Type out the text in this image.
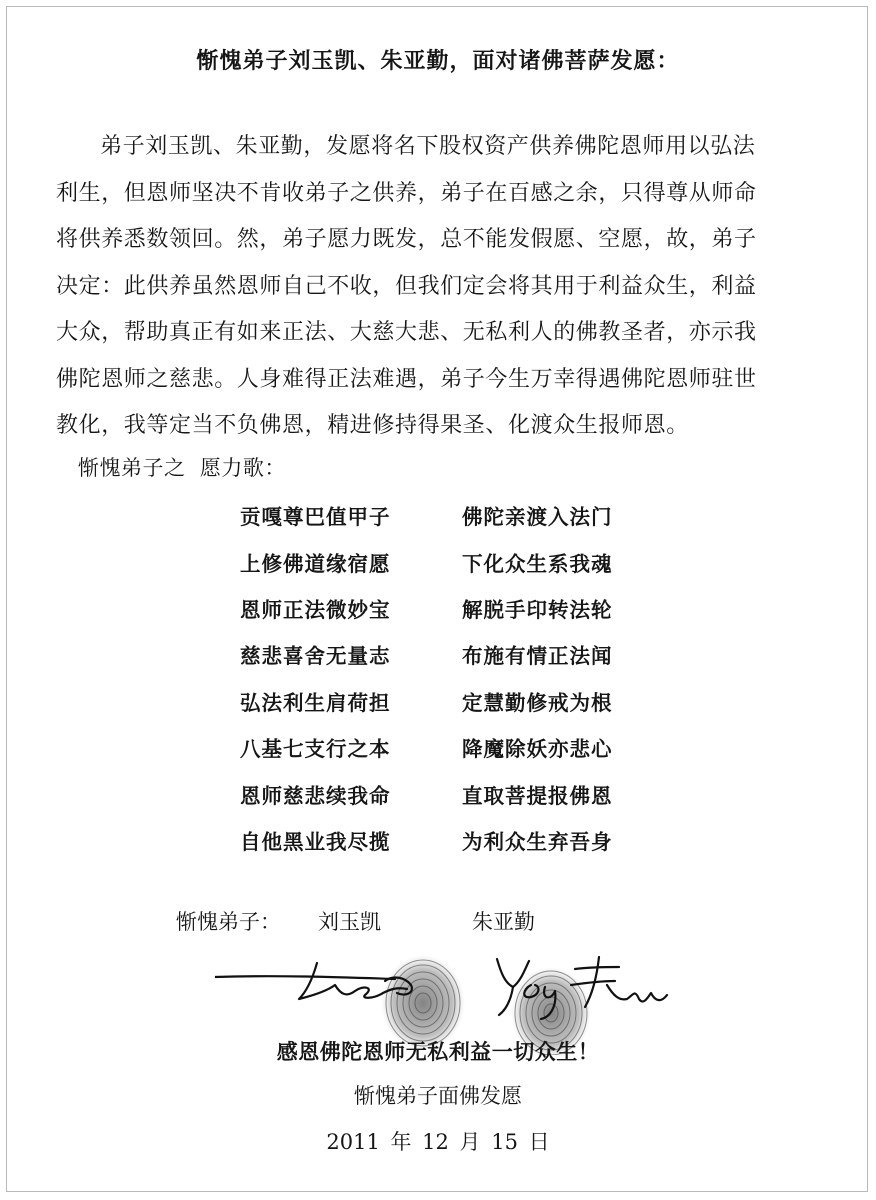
惭愧弟子刘玉凯、朱亚勤，面对诸佛菩萨发愿：
弟子刘玉凯、朱亚勤，发愿将名下股权资产供养佛陀恩师用以弘法
利生，但恩师坚决不肯收弟子之供养，弟子在百感之余，只得尊从师命
将供养悉数领回。然，弟子愿力既发，总不能发假愿、空愿，故，弟子
决定：此供养虽然恩师自己不收，但我们定会将其用于利益众生，利益
大众，帮助真正有如来正法、大慈大悲、无私利人的佛教圣者，亦示我
佛陀恩师之慈悲。人身难得正法难遇，弟子今生万幸得遇佛陀恩师驻世
教化，我等定当不负佛恩，精进修持得果圣、化渡众生报师恩。
惭愧弟子之  愿力歌：
贡嘎尊巴值甲子	佛陀亲渡入法门
上修佛道缘宿愿	下化众生系我魂
恩师正法微妙宝	解脱手印转法轮
慈悲喜舍无量志	布施有情正法闻
弘法利生肩荷担	定慧勤修戒为根
八基七支行之本	降魔除妖亦悲心
恩师慈悲续我命	直取菩提报佛恩
自他黑业我尽揽	为利众生弃吾身
惭愧弟子： 刘玉凯	朱亚勤
感恩佛陀恩师无私利益一切众生！
惭愧弟子面佛发愿
2011 年 12 月 15 日
